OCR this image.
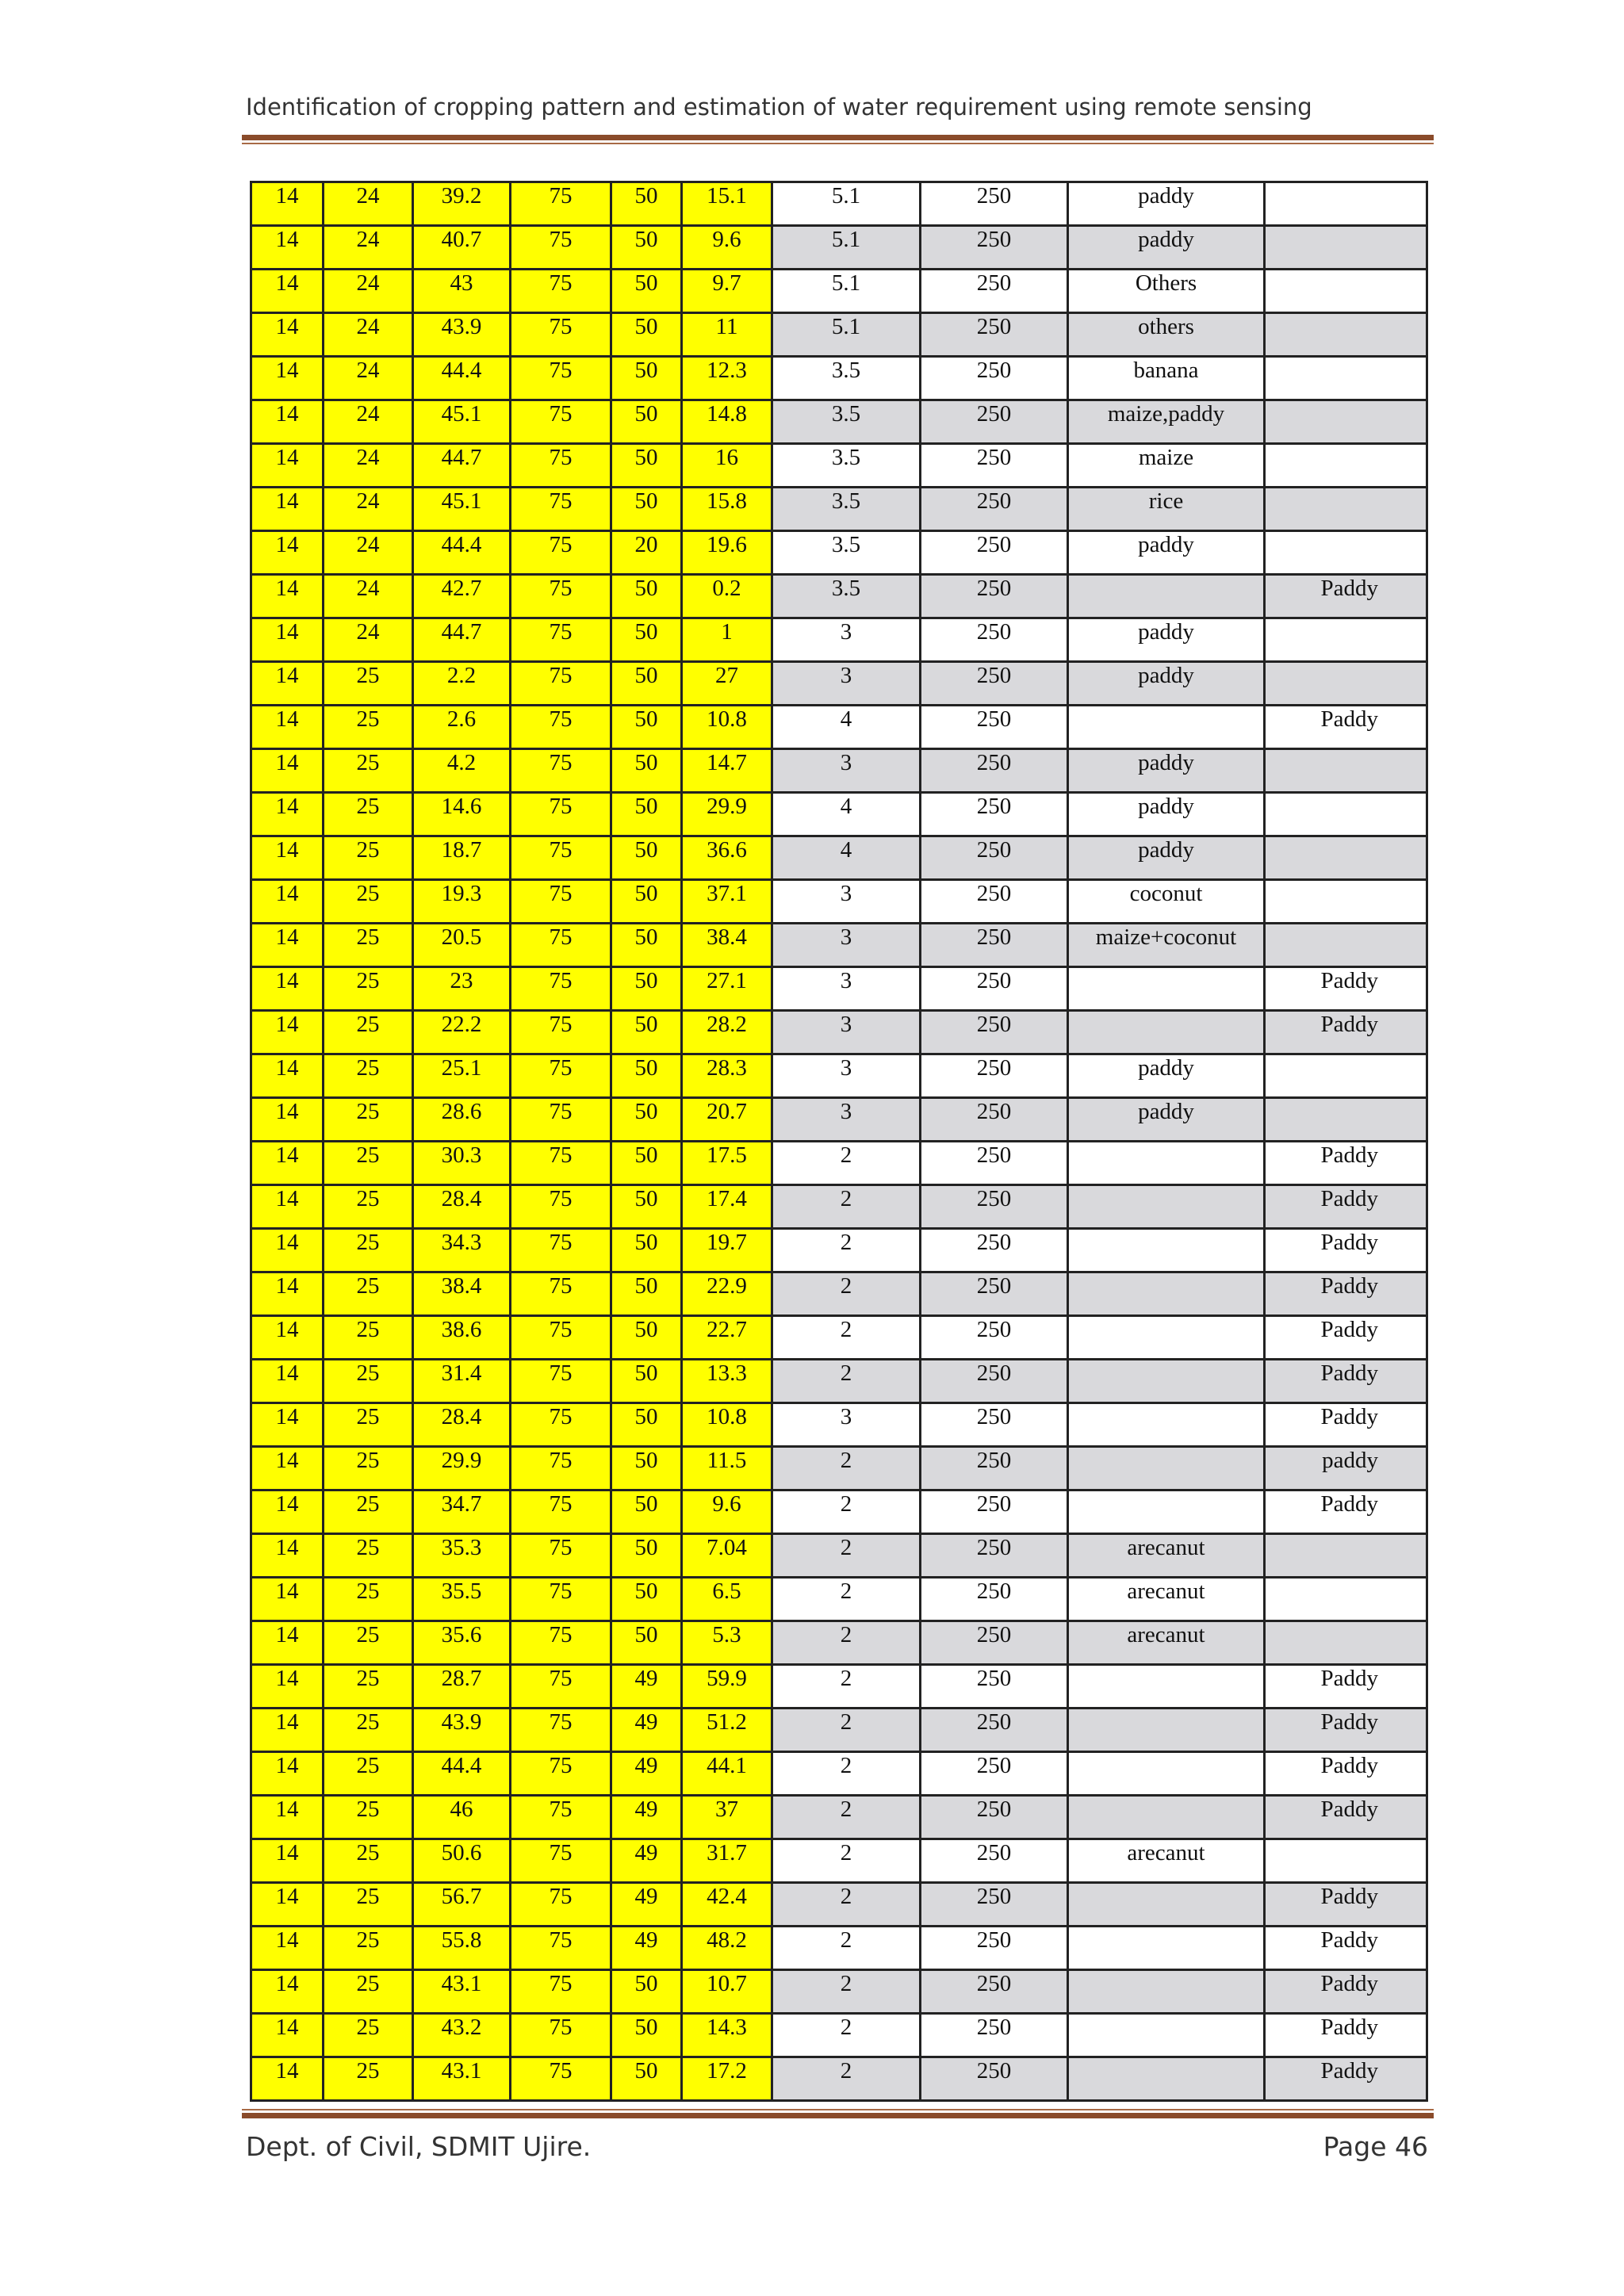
Identification of cropping pattern and estimation of water requirement using remote sensing
14	24	39.2	75	50	15.1	5.1	250	paddy	
14	24	40.7	75	50	9.6	5.1	250	paddy	
14	24	43	75	50	9.7	5.1	250	Others	
14	24	43.9	75	50	11	5.1	250	others	
14	24	44.4	75	50	12.3	3.5	250	banana	
14	24	45.1	75	50	14.8	3.5	250	maize,paddy	
14	24	44.7	75	50	16	3.5	250	maize	
14	24	45.1	75	50	15.8	3.5	250	rice	
14	24	44.4	75	20	19.6	3.5	250	paddy	
14	24	42.7	75	50	0.2	3.5	250		Paddy
14	24	44.7	75	50	1	3	250	paddy	
14	25	2.2	75	50	27	3	250	paddy	
14	25	2.6	75	50	10.8	4	250		Paddy
14	25	4.2	75	50	14.7	3	250	paddy	
14	25	14.6	75	50	29.9	4	250	paddy	
14	25	18.7	75	50	36.6	4	250	paddy	
14	25	19.3	75	50	37.1	3	250	coconut	
14	25	20.5	75	50	38.4	3	250	maize+coconut	
14	25	23	75	50	27.1	3	250		Paddy
14	25	22.2	75	50	28.2	3	250		Paddy
14	25	25.1	75	50	28.3	3	250	paddy	
14	25	28.6	75	50	20.7	3	250	paddy	
14	25	30.3	75	50	17.5	2	250		Paddy
14	25	28.4	75	50	17.4	2	250		Paddy
14	25	34.3	75	50	19.7	2	250		Paddy
14	25	38.4	75	50	22.9	2	250		Paddy
14	25	38.6	75	50	22.7	2	250		Paddy
14	25	31.4	75	50	13.3	2	250		Paddy
14	25	28.4	75	50	10.8	3	250		Paddy
14	25	29.9	75	50	11.5	2	250		paddy
14	25	34.7	75	50	9.6	2	250		Paddy
14	25	35.3	75	50	7.04	2	250	arecanut	
14	25	35.5	75	50	6.5	2	250	arecanut	
14	25	35.6	75	50	5.3	2	250	arecanut	
14	25	28.7	75	49	59.9	2	250		Paddy
14	25	43.9	75	49	51.2	2	250		Paddy
14	25	44.4	75	49	44.1	2	250		Paddy
14	25	46	75	49	37	2	250		Paddy
14	25	50.6	75	49	31.7	2	250	arecanut	
14	25	56.7	75	49	42.4	2	250		Paddy
14	25	55.8	75	49	48.2	2	250		Paddy
14	25	43.1	75	50	10.7	2	250		Paddy
14	25	43.2	75	50	14.3	2	250		Paddy
14	25	43.1	75	50	17.2	2	250		Paddy
Dept. of Civil, SDMIT Ujire.	Page 46
